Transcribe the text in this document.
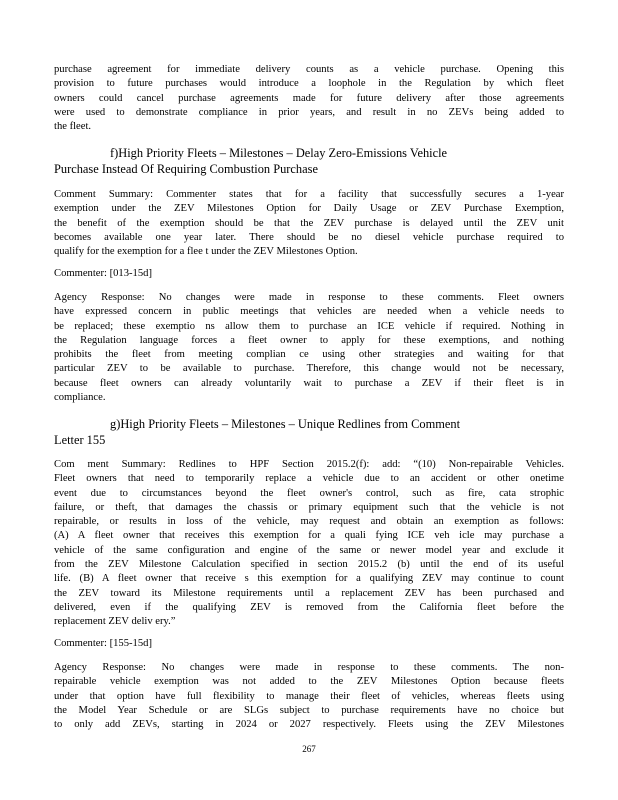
purchase agreement for immediate delivery counts as a vehicle purchase. Opening this
provision to future purchases would introduce a loophole in the Regulation by which fleet
owners could cancel purchase agreements made for future delivery after those agreements
were used to demonstrate compliance in prior years, and result in no ZEVs being added to
the fleet.
f)High Priority Fleets – Milestones – Delay Zero-Emissions Vehicle
Purchase Instead Of Requiring Combustion Purchase
Comment Summary: Commenter states that for a facility that successfully secures a 1-year
exemption under the ZEV Milestones Option for Daily Usage or ZEV Purchase Exemption,
the benefit of the exemption should be that the ZEV purchase is delayed until the ZEV unit
becomes available one year later. There should be no diesel vehicle purchase required to
qualify for the exemption for a flee t under the ZEV Milestones Option.
Commenter: [013-15d]
Agency Response: No changes were made in response to these comments. Fleet owners
have expressed concern in public meetings that vehicles are needed when a vehicle needs to
be replaced; these exemptio ns allow them to purchase an ICE vehicle if required. Nothing in
the Regulation language forces a fleet owner to apply for these exemptions, and nothing
prohibits the fleet from meeting complian ce using other strategies and waiting for that
particular ZEV to be available to purchase. Therefore, this change would not be necessary,
because fleet owners can already voluntarily wait to purchase a ZEV if their fleet is in
compliance.
g)High Priority Fleets – Milestones – Unique Redlines from Comment
Letter 155
Com ment Summary: Redlines to HPF Section 2015.2(f): add: “(10) Non-repairable Vehicles.
Fleet owners that need to temporarily replace a vehicle due to an accident or other onetime
event due to circumstances beyond the fleet owner's control, such as fire, cata strophic
failure, or theft, that damages the chassis or primary equipment such that the vehicle is not
repairable, or results in loss of the vehicle, may request and obtain an exemption as follows:
(A) A fleet owner that receives this exemption for a quali fying ICE veh icle may purchase a
vehicle of the same configuration and engine of the same or newer model year and exclude it
from the ZEV Milestone Calculation specified in section 2015.2 (b) until the end of its useful
life. (B) A fleet owner that receive s this exemption for a qualifying ZEV may continue to count
the ZEV toward its Milestone requirements until a replacement ZEV has been purchased and
delivered, even if the qualifying ZEV is removed from the California fleet before the
replacement ZEV deliv ery.”
Commenter: [155-15d]
Agency Response: No changes were made in response to these comments. The non-
repairable vehicle exemption was not added to the ZEV Milestones Option because fleets
under that option have full flexibility to manage their fleet of vehicles, whereas fleets using
the Model Year Schedule or are SLGs subject to purchase requirements have no choice but
to only add ZEVs, starting in 2024 or 2027 respectively. Fleets using the ZEV Milestones
267
